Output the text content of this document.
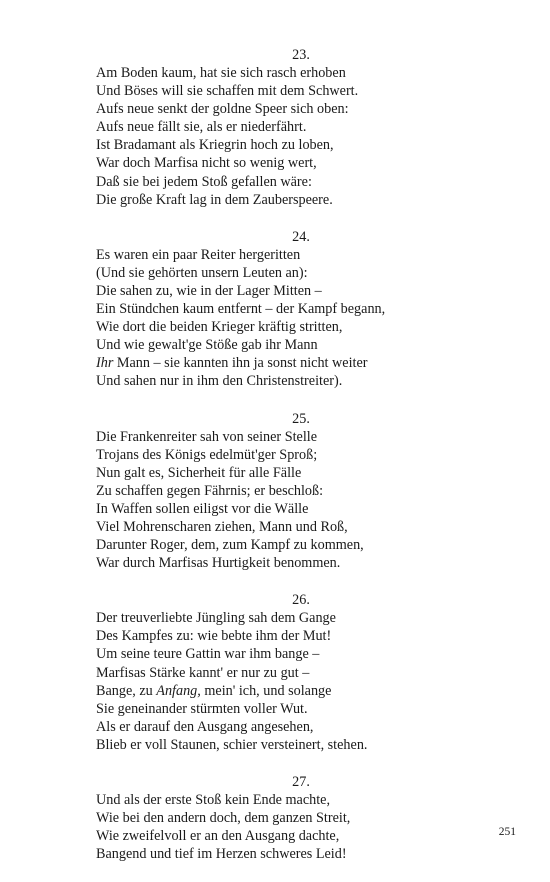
23.
Am Boden kaum, hat sie sich rasch erhoben
Und Böses will sie schaffen mit dem Schwert.
Aufs neue senkt der goldne Speer sich oben:
Aufs neue fällt sie, als er niederfährt.
Ist Bradamant als Kriegrin hoch zu loben,
War doch Marfisa nicht so wenig wert,
Daß sie bei jedem Stoß gefallen wäre:
Die große Kraft lag in dem Zauberspeere.
24.
Es waren ein paar Reiter hergeritten
(Und sie gehörten unsern Leuten an):
Die sahen zu, wie in der Lager Mitten –
Ein Stündchen kaum entfernt – der Kampf begann,
Wie dort die beiden Krieger kräftig stritten,
Und wie gewalt'ge Stöße gab ihr Mann
Ihr Mann – sie kannten ihn ja sonst nicht weiter
Und sahen nur in ihm den Christenstreiter).
25.
Die Frankenreiter sah von seiner Stelle
Trojans des Königs edelmüt'ger Sproß;
Nun galt es, Sicherheit für alle Fälle
Zu schaffen gegen Fährnis; er beschloß:
In Waffen sollen eiligst vor die Wälle
Viel Mohrenscharen ziehen, Mann und Roß,
Darunter Roger, dem, zum Kampf zu kommen,
War durch Marfisas Hurtigkeit benommen.
26.
Der treuverliebte Jüngling sah dem Gange
Des Kampfes zu: wie bebte ihm der Mut!
Um seine teure Gattin war ihm bange –
Marfisas Stärke kannt' er nur zu gut –
Bange, zu Anfang, mein' ich, und solange
Sie geneinander stürmten voller Wut.
Als er darauf den Ausgang angesehen,
Blieb er voll Staunen, schier versteinert, stehen.
27.
Und als der erste Stoß kein Ende machte,
Wie bei den andern doch, dem ganzen Streit,
Wie zweifelvoll er an den Ausgang dachte,
Bangend und tief im Herzen schweres Leid!
251
